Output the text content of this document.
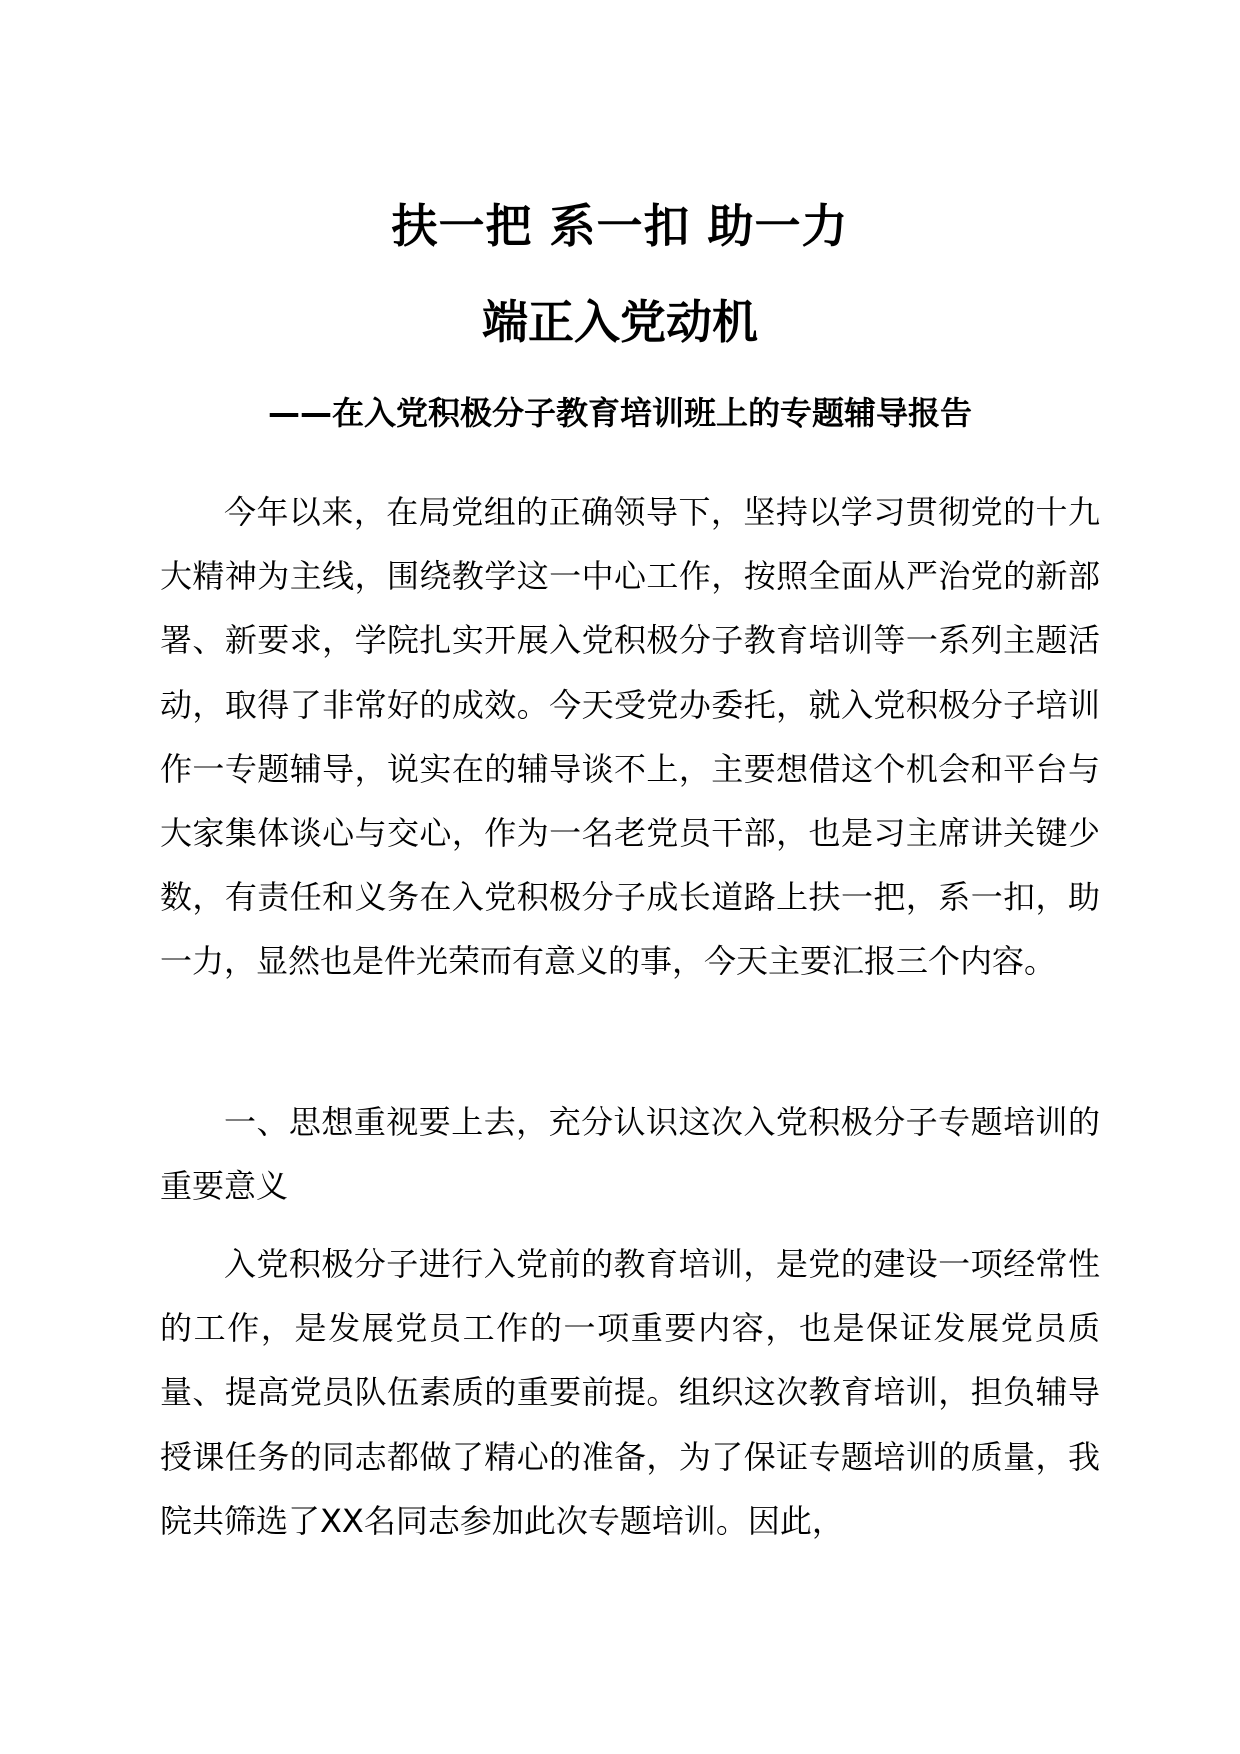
扶一把 系一扣 助一力
端正入党动机
——在入党积极分子教育培训班上的专题辅导报告

今年以来，在局党组的正确领导下，坚持以学习贯彻党的十九大精神为主线，围绕教学这一中心工作，按照全面从严治党的新部署、新要求，学院扎实开展入党积极分子教育培训等一系列主题活动，取得了非常好的成效。今天受党办委托，就入党积极分子培训作一专题辅导，说实在的辅导谈不上，主要想借这个机会和平台与大家集体谈心与交心，作为一名老党员干部，也是习主席讲关键少数，有责任和义务在入党积极分子成长道路上扶一把，系一扣，助一力，显然也是件光荣而有意义的事，今天主要汇报三个内容。

一、思想重视要上去，充分认识这次入党积极分子专题培训的重要意义

入党积极分子进行入党前的教育培训，是党的建设一项经常性的工作，是发展党员工作的一项重要内容，也是保证发展党员质量、提高党员队伍素质的重要前提。组织这次教育培训，担负辅导授课任务的同志都做了精心的准备，为了保证专题培训的质量，我院共筛选了XX名同志参加此次专题培训。因此，
